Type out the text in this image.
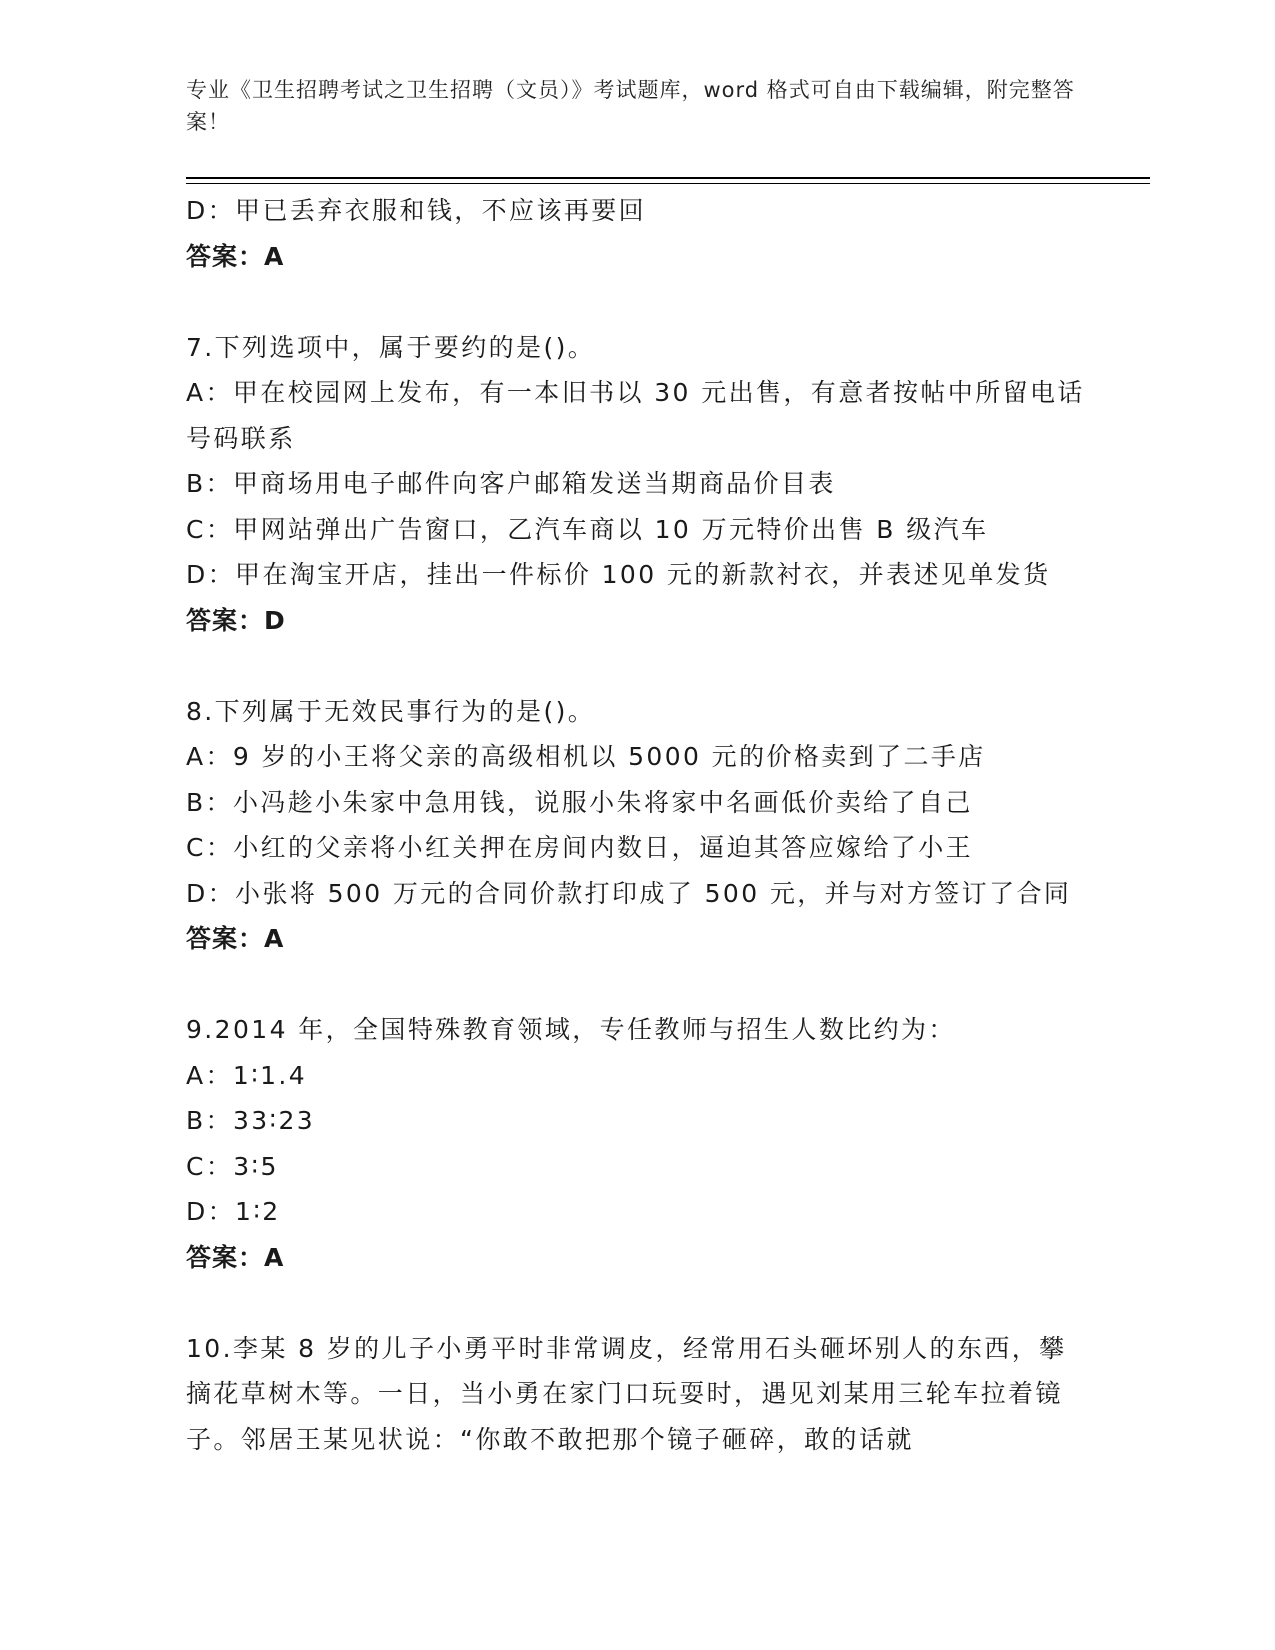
专业《卫生招聘考试之卫生招聘（文员）》考试题库，word 格式可自由下载编辑，附完整答案！
D：甲已丢弃衣服和钱，不应该再要回
答案：A
7.下列选项中，属于要约的是()。
A：甲在校园网上发布，有一本旧书以 30 元出售，有意者按帖中所留电话号码联系
B：甲商场用电子邮件向客户邮箱发送当期商品价目表
C：甲网站弹出广告窗口，乙汽车商以 10 万元特价出售 B 级汽车
D：甲在淘宝开店，挂出一件标价 100 元的新款衬衣，并表述见单发货
答案：D
8.下列属于无效民事行为的是()。
A：9 岁的小王将父亲的高级相机以 5000 元的价格卖到了二手店
B：小冯趁小朱家中急用钱，说服小朱将家中名画低价卖给了自己
C：小红的父亲将小红关押在房间内数日，逼迫其答应嫁给了小王
D：小张将 500 万元的合同价款打印成了 500 元，并与对方签订了合同
答案：A
9.2014 年，全国特殊教育领域，专任教师与招生人数比约为：
A：1∶1.4
B：33∶23
C：3∶5
D：1∶2
答案：A
10.李某 8 岁的儿子小勇平时非常调皮，经常用石头砸坏别人的东西，攀摘花草树木等。一日，当小勇在家门口玩耍时，遇见刘某用三轮车拉着镜子。邻居王某见状说：“你敢不敢把那个镜子砸碎，敢的话就
